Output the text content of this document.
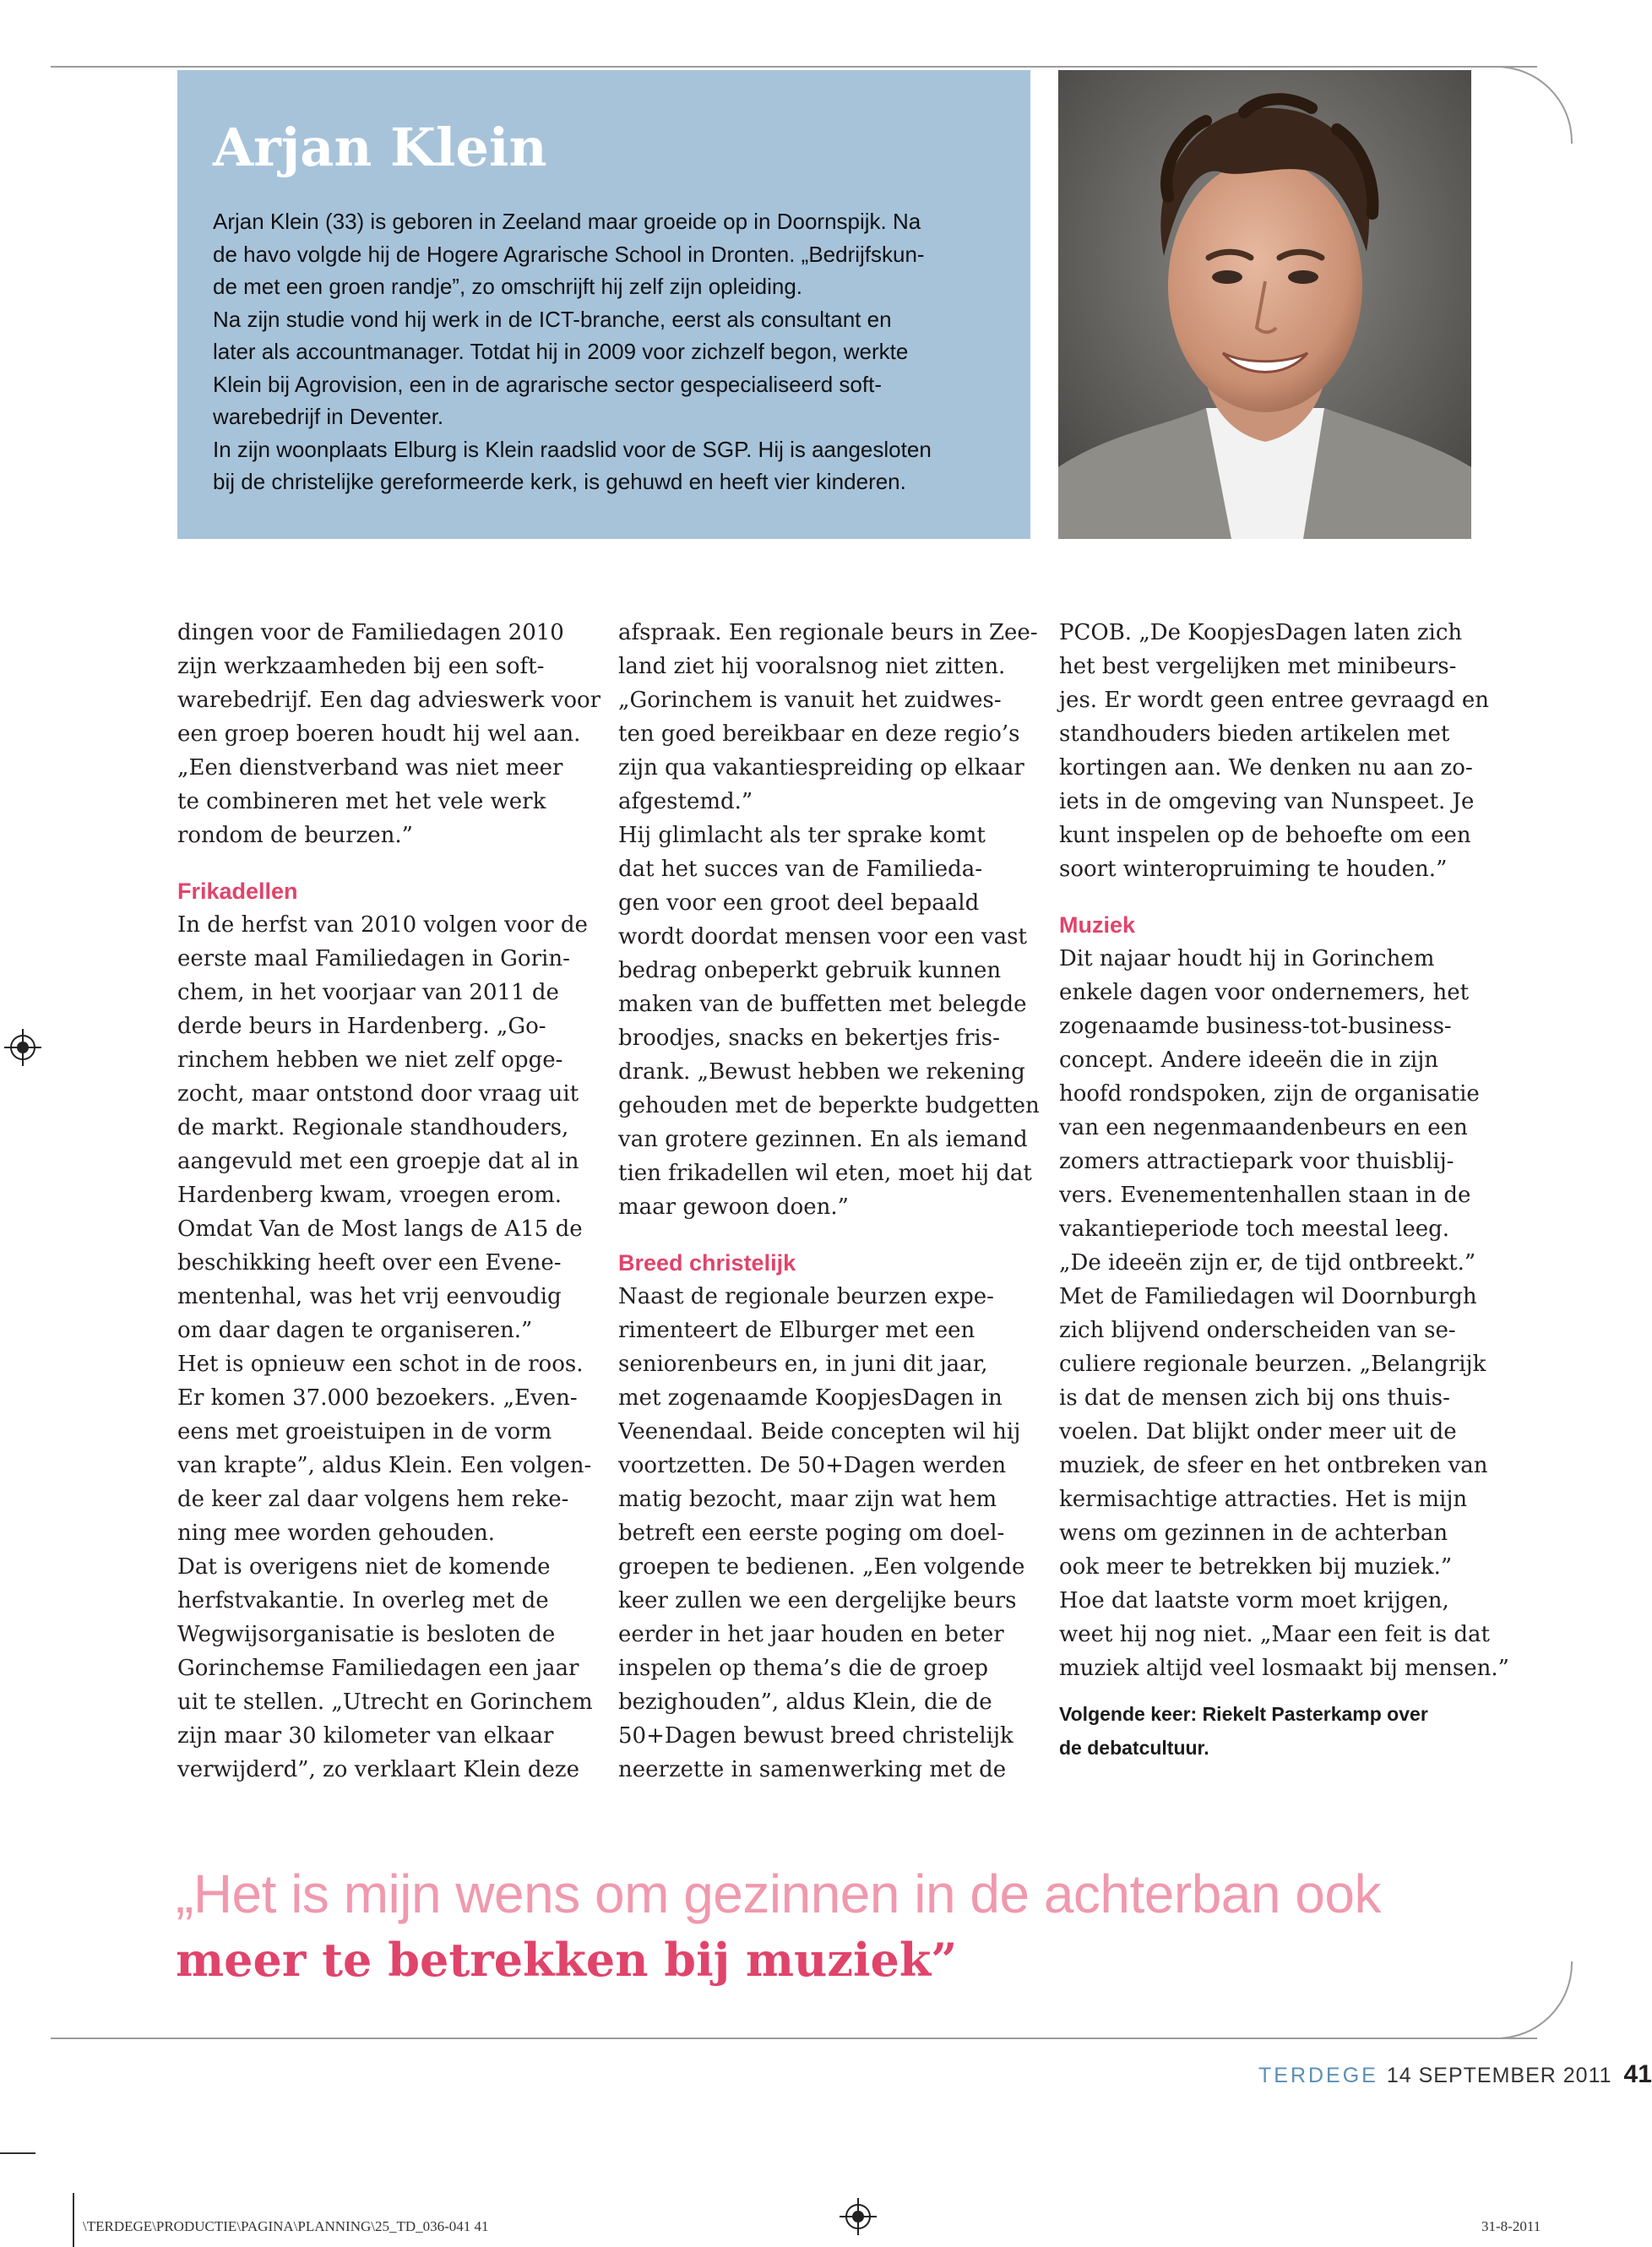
Arjan Klein
Arjan Klein (33) is geboren in Zeeland maar groeide op in Doornspijk. Na
de havo volgde hij de Hogere Agrarische School in Dronten. „Bedrijfskun-
de met een groen randje”, zo omschrijft hij zelf zijn opleiding.
Na zijn studie vond hij werk in de ICT-branche, eerst als consultant en
later als accountmanager. Totdat hij in 2009 voor zichzelf begon, werkte
Klein bij Agrovision, een in de agrarische sector gespecialiseerd soft-
warebedrijf in Deventer.
In zijn woonplaats Elburg is Klein raadslid voor de SGP. Hij is aangesloten
bij de christelijke gereformeerde kerk, is gehuwd en heeft vier kinderen.
dingen voor de Familiedagen 2010
zijn werkzaamheden bij een soft-
warebedrijf. Een dag advieswerk voor
een groep boeren houdt hij wel aan.
„Een dienstverband was niet meer
te combineren met het vele werk
rondom de beurzen.”
Frikadellen
In de herfst van 2010 volgen voor de
eerste maal Familiedagen in Gorin-
chem, in het voorjaar van 2011 de
derde beurs in Hardenberg. „Go-
rinchem hebben we niet zelf opge-
zocht, maar ontstond door vraag uit
de markt. Regionale standhouders,
aangevuld met een groepje dat al in
Hardenberg kwam, vroegen erom.
Omdat Van de Most langs de A15 de
beschikking heeft over een Evene-
mentenhal, was het vrij eenvoudig
om daar dagen te organiseren.”
Het is opnieuw een schot in de roos.
Er komen 37.000 bezoekers. „Even-
eens met groeistuipen in de vorm
van krapte”, aldus Klein. Een volgen-
de keer zal daar volgens hem reke-
ning mee worden gehouden.
Dat is overigens niet de komende
herfstvakantie. In overleg met de
Wegwijsorganisatie is besloten de
Gorinchemse Familiedagen een jaar
uit te stellen. „Utrecht en Gorinchem
zijn maar 30 kilometer van elkaar
verwijderd”, zo verklaart Klein deze
afspraak. Een regionale beurs in Zee-
land ziet hij vooralsnog niet zitten.
„Gorinchem is vanuit het zuidwes-
ten goed bereikbaar en deze regio’s
zijn qua vakantiespreiding op elkaar
afgestemd.”
Hij glimlacht als ter sprake komt
dat het succes van de Familieda-
gen voor een groot deel bepaald
wordt doordat mensen voor een vast
bedrag onbeperkt gebruik kunnen
maken van de buffetten met belegde
broodjes, snacks en bekertjes fris-
drank. „Bewust hebben we rekening
gehouden met de beperkte budgetten
van grotere gezinnen. En als iemand
tien frikadellen wil eten, moet hij dat
maar gewoon doen.”
Breed christelijk
Naast de regionale beurzen expe-
rimenteert de Elburger met een
seniorenbeurs en, in juni dit jaar,
met zogenaamde KoopjesDagen in
Veenendaal. Beide concepten wil hij
voortzetten. De 50+Dagen werden
matig bezocht, maar zijn wat hem
betreft een eerste poging om doel-
groepen te bedienen. „Een volgende
keer zullen we een dergelijke beurs
eerder in het jaar houden en beter
inspelen op thema’s die de groep
bezighouden”, aldus Klein, die de
50+Dagen bewust breed christelijk
neerzette in samenwerking met de
PCOB. „De KoopjesDagen laten zich
het best vergelijken met minibeurs-
jes. Er wordt geen entree gevraagd en
standhouders bieden artikelen met
kortingen aan. We denken nu aan zo-
iets in de omgeving van Nunspeet. Je
kunt inspelen op de behoefte om een
soort winteropruiming te houden.”
Muziek
Dit najaar houdt hij in Gorinchem
enkele dagen voor ondernemers, het
zogenaamde business-tot-business-
concept. Andere ideeën die in zijn
hoofd rondspoken, zijn de organisatie
van een negenmaandenbeurs en een
zomers attractiepark voor thuisblij-
vers. Evenementenhallen staan in de
vakantieperiode toch meestal leeg.
„De ideeën zijn er, de tijd ontbreekt.”
Met de Familiedagen wil Doornburgh
zich blijvend onderscheiden van se-
culiere regionale beurzen. „Belangrijk
is dat de mensen zich bij ons thuis-
voelen. Dat blijkt onder meer uit de
muziek, de sfeer en het ontbreken van
kermisachtige attracties. Het is mijn
wens om gezinnen in de achterban
ook meer te betrekken bij muziek.”
Hoe dat laatste vorm moet krijgen,
weet hij nog niet. „Maar een feit is dat
muziek altijd veel losmaakt bij mensen.”
Volgende keer: Riekelt Pasterkamp over
de debatcultuur.
„Het is mijn wens om gezinnen in de achterban ook
meer te betrekken bij muziek”
TERDEGE 14 SEPTEMBER 2011 41
\TERDEGE\PRODUCTIE\PAGINA\PLANNING\25_TD_036-041 41	31-8-2011
